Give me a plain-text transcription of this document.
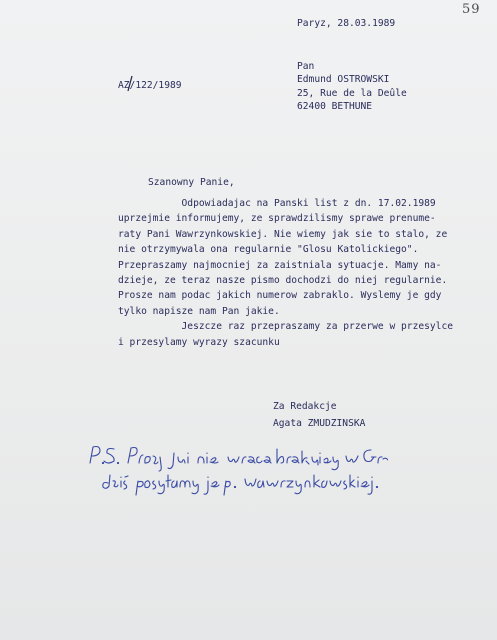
59
Paryz, 28.03.1989
Pan
Edmund OSTROWSKI
25, Rue de la Deûle
62400 BETHUNE
AZ/122/1989
Szanowny Panie,
Odpowiadajac na Panski list z dn. 17.02.1989
uprzejmie informujemy, ze sprawdzilismy sprawe prenume-
raty Pani Wawrzynkowskiej. Nie wiemy jak sie to stalo, ze
nie otrzymywala ona regularnie "Glosu Katolickiego".
Przepraszamy najmocniej za zaistniala sytuacje. Mamy na-
dzieje, ze teraz nasze pismo dochodzi do niej regularnie.
Prosze nam podac jakich numerow zabraklo. Wyslemy je gdy
tylko napisze nam Pan jakie.
Jeszcze raz przepraszamy za przerwe w przesylce
i przesylamy wyrazy szacunku
Za Redakcje
Agata ZMUDZINSKA
